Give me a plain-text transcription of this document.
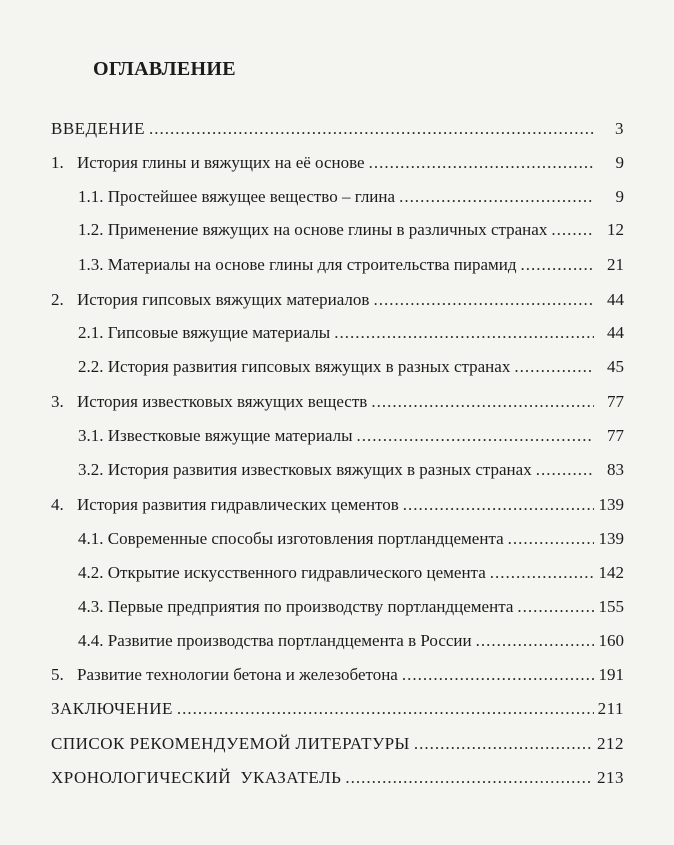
ОГЛАВЛЕНИЕ
ВВЕДЕНИЕ .....	3
1. История глины и вяжущих на её основе .....	9
1.1. Простейшее вяжущее вещество – глина .....	9
1.2. Применение вяжущих на основе глины в различных странах .....	12
1.3. Материалы на основе глины для строительства пирамид .....	21
2. История гипсовых вяжущих материалов .....	44
2.1. Гипсовые вяжущие материалы .....	44
2.2. История развития гипсовых вяжущих в разных странах .....	45
3. История известковых вяжущих веществ .....	77
3.1. Известковые вяжущие материалы .....	77
3.2. История развития известковых вяжущих в разных странах .....	83
4. История развития гидравлических цементов .....	139
4.1. Современные способы изготовления портландцемента .....	139
4.2. Открытие искусственного гидравлического цемента .....	142
4.3. Первые предприятия по производству портландцемента .....	155
4.4. Развитие производства портландцемента в России .....	160
5. Развитие технологии бетона и железобетона .....	191
ЗАКЛЮЧЕНИЕ .....	211
СПИСОК РЕКОМЕНДУЕМОЙ ЛИТЕРАТУРЫ .....	212
ХРОНОЛОГИЧЕСКИЙ  УКАЗАТЕЛЬ .....	213
